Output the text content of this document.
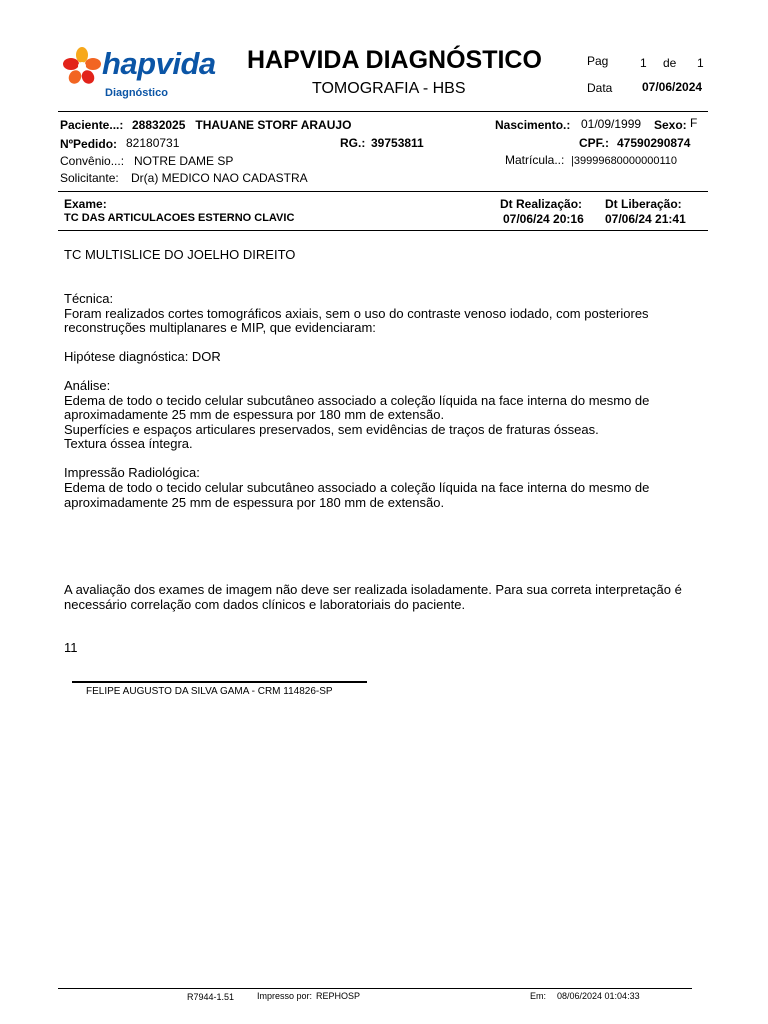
hapvida
Diagnóstico
HAPVIDA DIAGNÓSTICO
TOMOGRAFIA - HBS
Pag	1 de 1
Data 07/06/2024
Paciente...: 28832025   THAUANE STORF ARAUJO	Nascimento.: 01/09/1999 Sexo: F
NºPedido: 82180731	RG.: 39753811	CPF.: 47590290874
Convênio...: NOTRE DAME SP	Matrícula..: |39999680000000110
Solicitante: Dr(a) MEDICO NAO CADASTRA
Exame:
TC DAS ARTICULACOES ESTERNO CLAVIC
Dt Realização:
07/06/24 20:16
Dt Liberação:
07/06/24 21:41
TC MULTISLICE DO JOELHO DIREITO
Técnica:
Foram realizados cortes tomográficos axiais, sem o uso do contraste venoso iodado, com posteriores
reconstruções multiplanares e MIP, que evidenciaram:
Hipótese diagnóstica: DOR
Análise:
Edema de todo o tecido celular subcutâneo associado a coleção líquida na face interna do mesmo de
aproximadamente 25 mm de espessura por 180 mm de extensão.
Superfícies e espaços articulares preservados, sem evidências de traços de fraturas ósseas.
Textura óssea íntegra.
Impressão Radiológica:
Edema de todo o tecido celular subcutâneo associado a coleção líquida na face interna do mesmo de
aproximadamente 25 mm de espessura por 180 mm de extensão.
A avaliação dos exames de imagem não deve ser realizada isoladamente. Para sua correta interpretação é
necessário correlação com dados clínicos e laboratoriais do paciente.
11
FELIPE AUGUSTO DA SILVA GAMA - CRM 114826-SP
R7944-1.51	Impresso por: REPHOSP	Em: 08/06/2024 01:04:33
